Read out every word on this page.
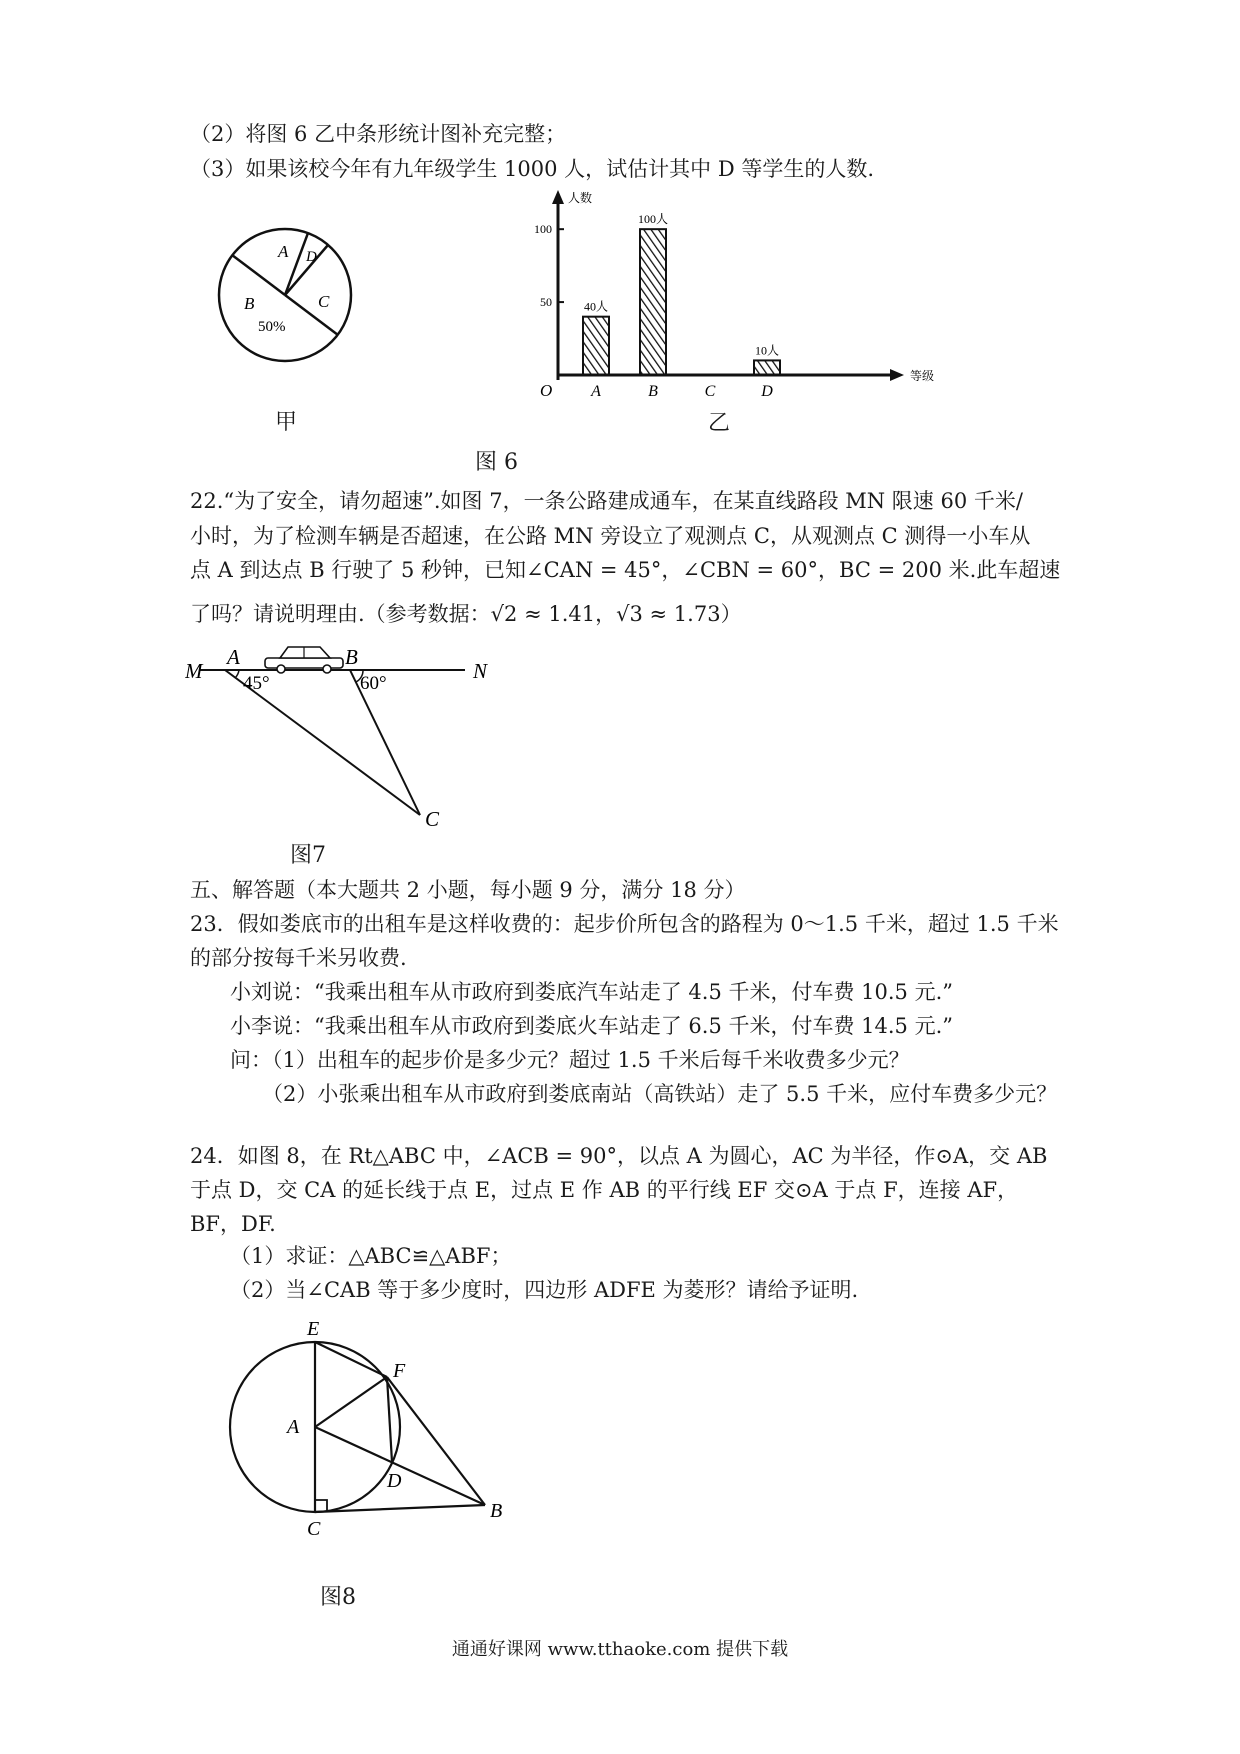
（2）将图 6 乙中条形统计图补充完整；
（3）如果该校今年有九年级学生 1000 人，试估计其中 D 等学生的人数.
A
B	C
D
50%
甲
人数
等级
O
50
100
40人
A
100人
B	C
10人
D
乙
图 6
22.“为了安全，请勿超速”.如图 7，一条公路建成通车，在某直线路段 MN 限速 60 千米/
小时，为了检测车辆是否超速，在公路 MN 旁设立了观测点 C，从观测点 C 测得一小车从
点 A 到达点 B 行驶了 5 秒钟，已知∠CAN = 45°，∠CBN = 60°，BC = 200 米.此车超速
了吗？请说明理由.（参考数据：√2 ≈ 1.41，√3 ≈ 1.73）
M
A	B
N
C
45°	60°
图7
五、解答题（本大题共 2 小题，每小题 9 分，满分 18 分）
23．假如娄底市的出租车是这样收费的：起步价所包含的路程为 0～1.5 千米，超过 1.5 千米
的部分按每千米另收费.
小刘说：“我乘出租车从市政府到娄底汽车站走了 4.5 千米，付车费 10.5 元.”
小李说：“我乘出租车从市政府到娄底火车站走了 6.5 千米，付车费 14.5 元.”
问：（1）出租车的起步价是多少元？超过 1.5 千米后每千米收费多少元？
（2）小张乘出租车从市政府到娄底南站（高铁站）走了 5.5 千米，应付车费多少元？
24．如图 8，在 Rt△ABC 中，∠ACB = 90°，以点 A 为圆心，AC 为半径，作⊙A，交 AB
于点 D，交 CA 的延长线于点 E，过点 E 作 AB 的平行线 EF 交⊙A 于点 F，连接 AF，
BF，DF.
（1）求证：△ABC≌△ABF；
（2）当∠CAB 等于多少度时，四边形 ADFE 为菱形？请给予证明.
E
F
A
D
C
B
图8
通通好课网 www.tthaoke.com 提供下载
